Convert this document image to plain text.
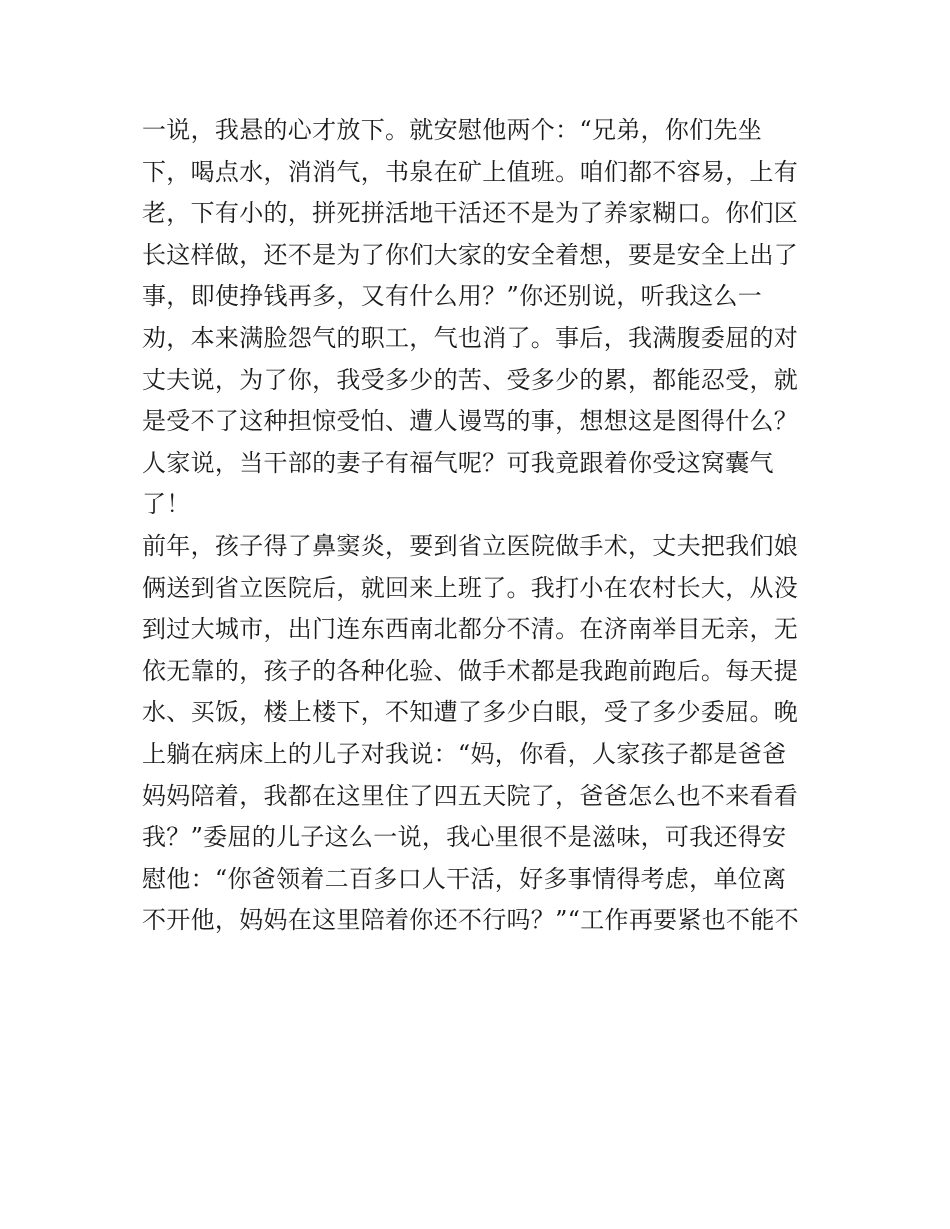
一说，我悬的心才放下。就安慰他两个：“兄弟，你们先坐
下，喝点水，消消气，书泉在矿上值班。咱们都不容易，上有
老，下有小的，拼死拼活地干活还不是为了养家糊口。你们区
长这样做，还不是为了你们大家的安全着想，要是安全上出了
事，即使挣钱再多，又有什么用？”你还别说，听我这么一
劝，本来满脸怨气的职工，气也消了。事后，我满腹委屈的对
丈夫说，为了你，我受多少的苦、受多少的累，都能忍受，就
是受不了这种担惊受怕、遭人谩骂的事，想想这是图得什么？
人家说，当干部的妻子有福气呢？可我竟跟着你受这窝囊气
了！
前年，孩子得了鼻窦炎，要到省立医院做手术，丈夫把我们娘
俩送到省立医院后，就回来上班了。我打小在农村长大，从没
到过大城市，出门连东西南北都分不清。在济南举目无亲，无
依无靠的，孩子的各种化验、做手术都是我跑前跑后。每天提
水、买饭，楼上楼下，不知遭了多少白眼，受了多少委屈。晚
上躺在病床上的儿子对我说：“妈，你看，人家孩子都是爸爸
妈妈陪着，我都在这里住了四五天院了，爸爸怎么也不来看看
我？”委屈的儿子这么一说，我心里很不是滋味，可我还得安
慰他：“你爸领着二百多口人干活，好多事情得考虑，单位离
不开他，妈妈在这里陪着你还不行吗？”“工作再要紧也不能不
